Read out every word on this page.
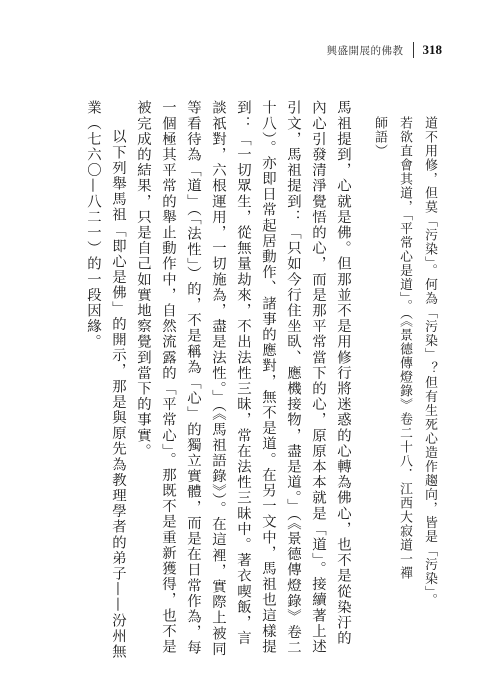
興盛開展的佛教 318

道不用修，但莫「污染」。何為「污染」？但有生死心造作趨向，皆是「污染」。

若欲直會其道，「平常心是道」。（《景德傳燈錄》卷二十八．江西大寂道一禪

師語）

馬祖提到，心就是佛。但那並不是用修行將迷惑的心轉為佛心，也不是從染汙的內心引發清淨覺悟的心，而是那平常當下的心，原原本本就是「道」。接續著上述引文，馬祖提到：「只如今行住坐臥、應機接物，盡是道。」（《景德傳燈錄》卷二十八）。亦即日常起居動作、諸事的應對，無不是道。在另一文中，馬祖也這樣提到：「一切眾生，從無量劫來，不出法性三昧，常在法性三昧中。著衣喫飯，言談祇對，六根運用，一切施為，盡是法性。」（《馬祖語錄》）。在這裡，實際上被同等看待為「道」（「法性」）的，不是稱為「心」的獨立實體，而是在日常作為，每一個極其平常的舉止動作中，自然流露的「平常心」。那既不是重新獲得，也不是被完成的結果，只是自己如實地察覺到當下的事實。

以下列舉馬祖「即心是佛」的開示，那是與原先為教理學者的弟子——汾州無業（七六〇—八二一）的一段因緣。
